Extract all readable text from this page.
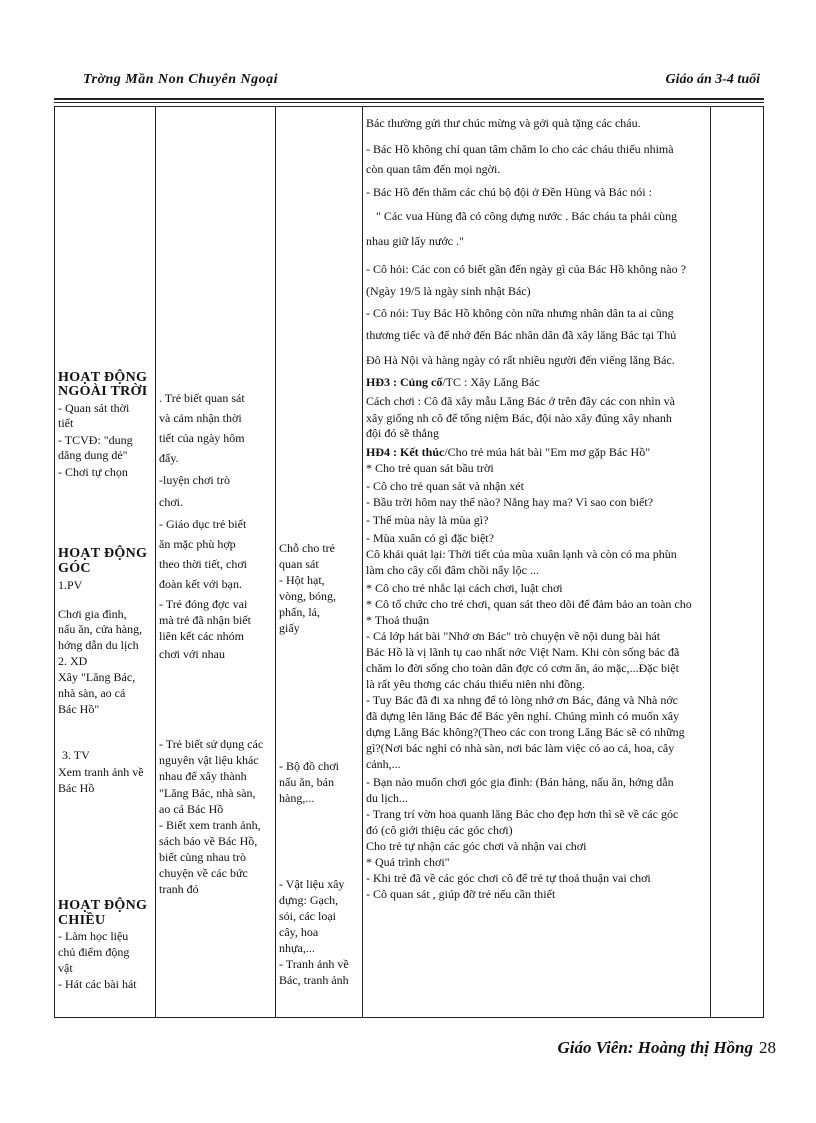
Trờng Mần Non Chuyên Ngoại	Giáo án 3-4 tuổi
HOẠT ĐỘNG
NGOÀI TRỜI
- Quan sát thời
tiết
- TCVĐ: "dung
dăng dung dẻ"
- Chơi tự chọn
HOẠT ĐỘNG
GÓC
1.PV
Chơi gia đình,
nấu ăn, cửa hàng,
hớng dẫn du lịch
2. XD
Xây "Lăng Bác,
nhà sàn, ao cá
Bác Hồ"
3. TV
Xem tranh ảnh về
Bác Hồ
HOẠT ĐỘNG
CHIỀU
- Làm học liệu
chủ điểm động
vật
- Hát các bài hát
. Trẻ biết quan sát
và cảm nhận thời
tiết của ngày hôm
đấy.
-luyện chơi trò
chơi.
- Giáo dục trẻ biết
ăn mặc phù hợp
theo thời tiết, chơi
đoàn kết với bạn.
- Trẻ đóng đợc vai
mà trẻ đã nhận biết
liên kết các nhóm
chơi với nhau
- Trẻ biết sử dụng các
nguyên vật liệu khác
nhau để xây thành
"Lăng Bác, nhà sàn,
ao cá Bác Hồ
- Biết xem tranh ảnh,
sách báo về Bác Hồ,
biết cùng nhau trò
chuyện về các bức
tranh đó
Chỗ cho trẻ
quan sát
- Hột hạt,
vòng, bóng,
phấn, lá,
giấy
- Bộ đồ chơi
nấu ăn, bán
hàng,...
- Vật liệu xây
dựng: Gạch,
sỏi, các loại
cây, hoa
nhựa,...
- Tranh ảnh về
Bác, tranh ảnh
Bác thường gửi thư chúc mừng và gởi quà tặng các cháu.
- Bác Hồ không chỉ quan tâm chăm lo cho các cháu thiếu nhimà
còn quan tâm đến mọi ngời.
- Bác Hồ đến thăm các chú bộ đội ở Đền Hùng và Bác nói :
" Các vua Hùng đã có công dựng nước . Bác cháu ta phải cùng
nhau giữ lấy nước ."
- Cô hỏi: Các con có biết gần đến ngày gì của Bác Hồ không nào ?
(Ngày 19/5 là ngày sinh nhật Bác)
- Cô nói: Tuy Bác Hồ không còn nữa nhưng nhân dân ta ai cũng
thương tiếc và để nhớ đến Bác nhân dân đã xây lăng Bác tại Thủ
Đô Hà Nội và hàng ngày có rất nhiều người đến viếng lăng Bác.
HĐ3 : Củng cố/TC : Xây Lăng Bác
Cách chơi : Cô đã xây mẫu Lăng Bác ở trên đây các con nhìn và
xây giống nh cô để tổng niệm Bác, đội nào xây đúng xây nhanh
đội đó sẽ thắng
HĐ4 : Kết thúc/Cho trẻ múa hát bài "Em mơ gặp Bác Hồ"
* Cho trẻ quan sát bầu trời
- Cô cho trẻ quan sát và nhận xét
- Bầu trời hôm nay thế nào? Nắng hay ma? Vì sao con biết?
- Thế mùa này là mùa gì?
- Mùa xuân có gì đặc biệt?
Cô khái quát lại: Thời tiết của mùa xuân lạnh và còn có ma phùn
làm cho cây cối đâm chồi nẩy lộc ...
* Cô cho trẻ nhắc lại cách chơi, luật chơi
* Cô tổ chức cho trẻ chơi, quan sát theo dõi để đảm bảo an toàn cho
* Thoả thuận
- Cả lớp hát bài "Nhớ ơn Bác" trò chuyện về nội dung bài hát
Bác Hồ là vị lãnh tụ cao nhất nớc Việt Nam. Khi còn sống bác đã
chăm lo đời sống cho toàn dân đợc có cơm ăn, áo mặc,...Đặc biệt
là rất yêu thơng các cháu thiếu niên nhi đồng.
- Tuy Bác đã đi xa nhng để tỏ lòng nhớ ơn Bác, đảng và Nhà nớc
đã dựng lên lăng Bác để Bác yên nghỉ. Chúng mình có muốn xây
dựng Lăng Bác không?(Theo các con trong Lăng Bác sẽ có những
gì?(Nơi bác nghỉ có nhà sàn, nơi bác làm việc có ao cá, hoa, cây
cảnh,...
- Bạn nào muốn chơi góc gia đình: (Bán hàng, nấu ăn, hớng dẫn
du lịch...
- Trang trí vờn hoa quanh lăng Bác cho đẹp hơn thì sẽ về các góc
đó (cô giới thiệu các góc chơi)
Cho trẻ tự nhận các góc chơi và nhận vai chơi
* Quá trình chơi"
- Khi trẻ đã về các góc chơi cô để trẻ tự thoả thuận vai chơi
- Cô quan sát , giúp đỡ trẻ nếu cần thiết
Giáo Viên: Hoàng thị Hồng 28
